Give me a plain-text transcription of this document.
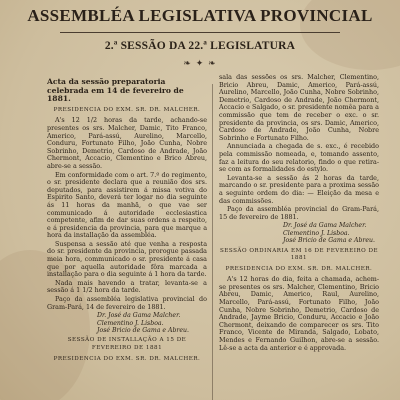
ASSEMBLÉA LEGISLATIVA PROVINCIAL
2.ª SESSÃO DA 22.ª LEGISLATURA
❧ ✦ ❧
Acta da sessão preparatoria celebrada em 14 de fevereiro de 1881.
PRESIDENCIA DO EXM. SR. DR. MALCHER.

A's 12 1/2 horas da tarde, achando-se presentes os srs. Malcher, Damic, Tito Franco, Americo, Pará-assú, Aurelino, Marcello, Conduru, Fortunato Filho, João Cunha, Nobre Sobrinho, Demetrio, Cardoso de Andrade, João Chermont, Accacio, Clementino e Brico Abreu, abre-se a sessão.

Em conformidade com o art. 7.º do regimento, o sr. presidente declara que a reunião dos srs. deputados, para assistirem á missa votiva do Espirito Santo, deverá ter logar no dia seguinte ás 11 horas da manhã, o que vae ser communicado á autoridade ecclesiastica competente, afim de dar suas ordens a respeito, e á presidencia da provincia, para que marque a hora da installação da assembléa.

Suspensa a sessão até que venha a resposta do sr. presidente da provincia, prorogue passada meia hora, communicado o sr. presidente á casa que por aquella autoridade fôra marcada a installação para o dia seguinte á 1 hora da tarde.

Nada mais havendo a tratar, levanta-se a sessão á 1 1/2 hora da tarde.

Paço da assembléa legislativa provincial do Gram-Pará, 14 de fevereiro de 1881.

Dr. José da Gama Malcher.

Clementino J. Lisboa.

José Bricio de Gama e Abreu.

SESSÃO DE INSTALLAÇÃO A 15 DE FEVEREIRO DE 1881
PRESIDENCIA DO EXM. SR. DR. MALCHER.

sala das sessões os srs. Malcher, Clementino, Bricio Abreu, Damic, Americo, Pará-assú, Aurelino, Marcello, João Cunha, Nobre Sobrinho, Demetrio, Cardoso de Andrade, João Chermont, Accacio e Salgado, o sr. presidente nomêa para a commissão que tem de receber o exc. o sr. presidente da provincia, os srs. Damic, Americo, Cardoso de Andrade, João Cunha, Nobre Sobrinho e Fortunato Filho.

Annunciada a chegada de s. exc., é recebido pela commissão nomeada, e, tomando assento, faz a leitura do seu relatorio, findo o que retira-se com as formalidades do estylo.

Levanta-se a sessão ás 2 horas da tarde, marcando o sr. presidente para a proxima sessão a seguinte ordem do dia: — Eleição da mesa e das commissões.

Paço da assembléa provincial do Gram-Pará, 15 de fevereiro de 1881.

Dr. José da Gama Malcher.

Clementino J. Lisboa.

José Bricio de Gama e Abreu.

SESSÃO ORDINARIA EM 16 DE FEVEREIRO DE 1881
PRESIDENCIA DO EXM. SR. DR. MALCHER.

A's 12 horas do dia, feita a chamada, achem-se presentes os srs. Malcher, Clementino, Bricio Abreu, Damic, Americo, Raul, Aurelino, Marcello, Pará-assú, Fortunato Filho, João Cunha, Nobre Sobrinho, Demetrio, Cardoso de Andrade, Jayme Bricio, Conduru, Accacio e João Chermont, deixando de comparecer os srs. Tito Franco, Vicente de Miranda, Salgado, Lobato, Mendes e Fernando Guilhon, abre-se a sessão. Lê-se a acta da anterior e é approvada.
